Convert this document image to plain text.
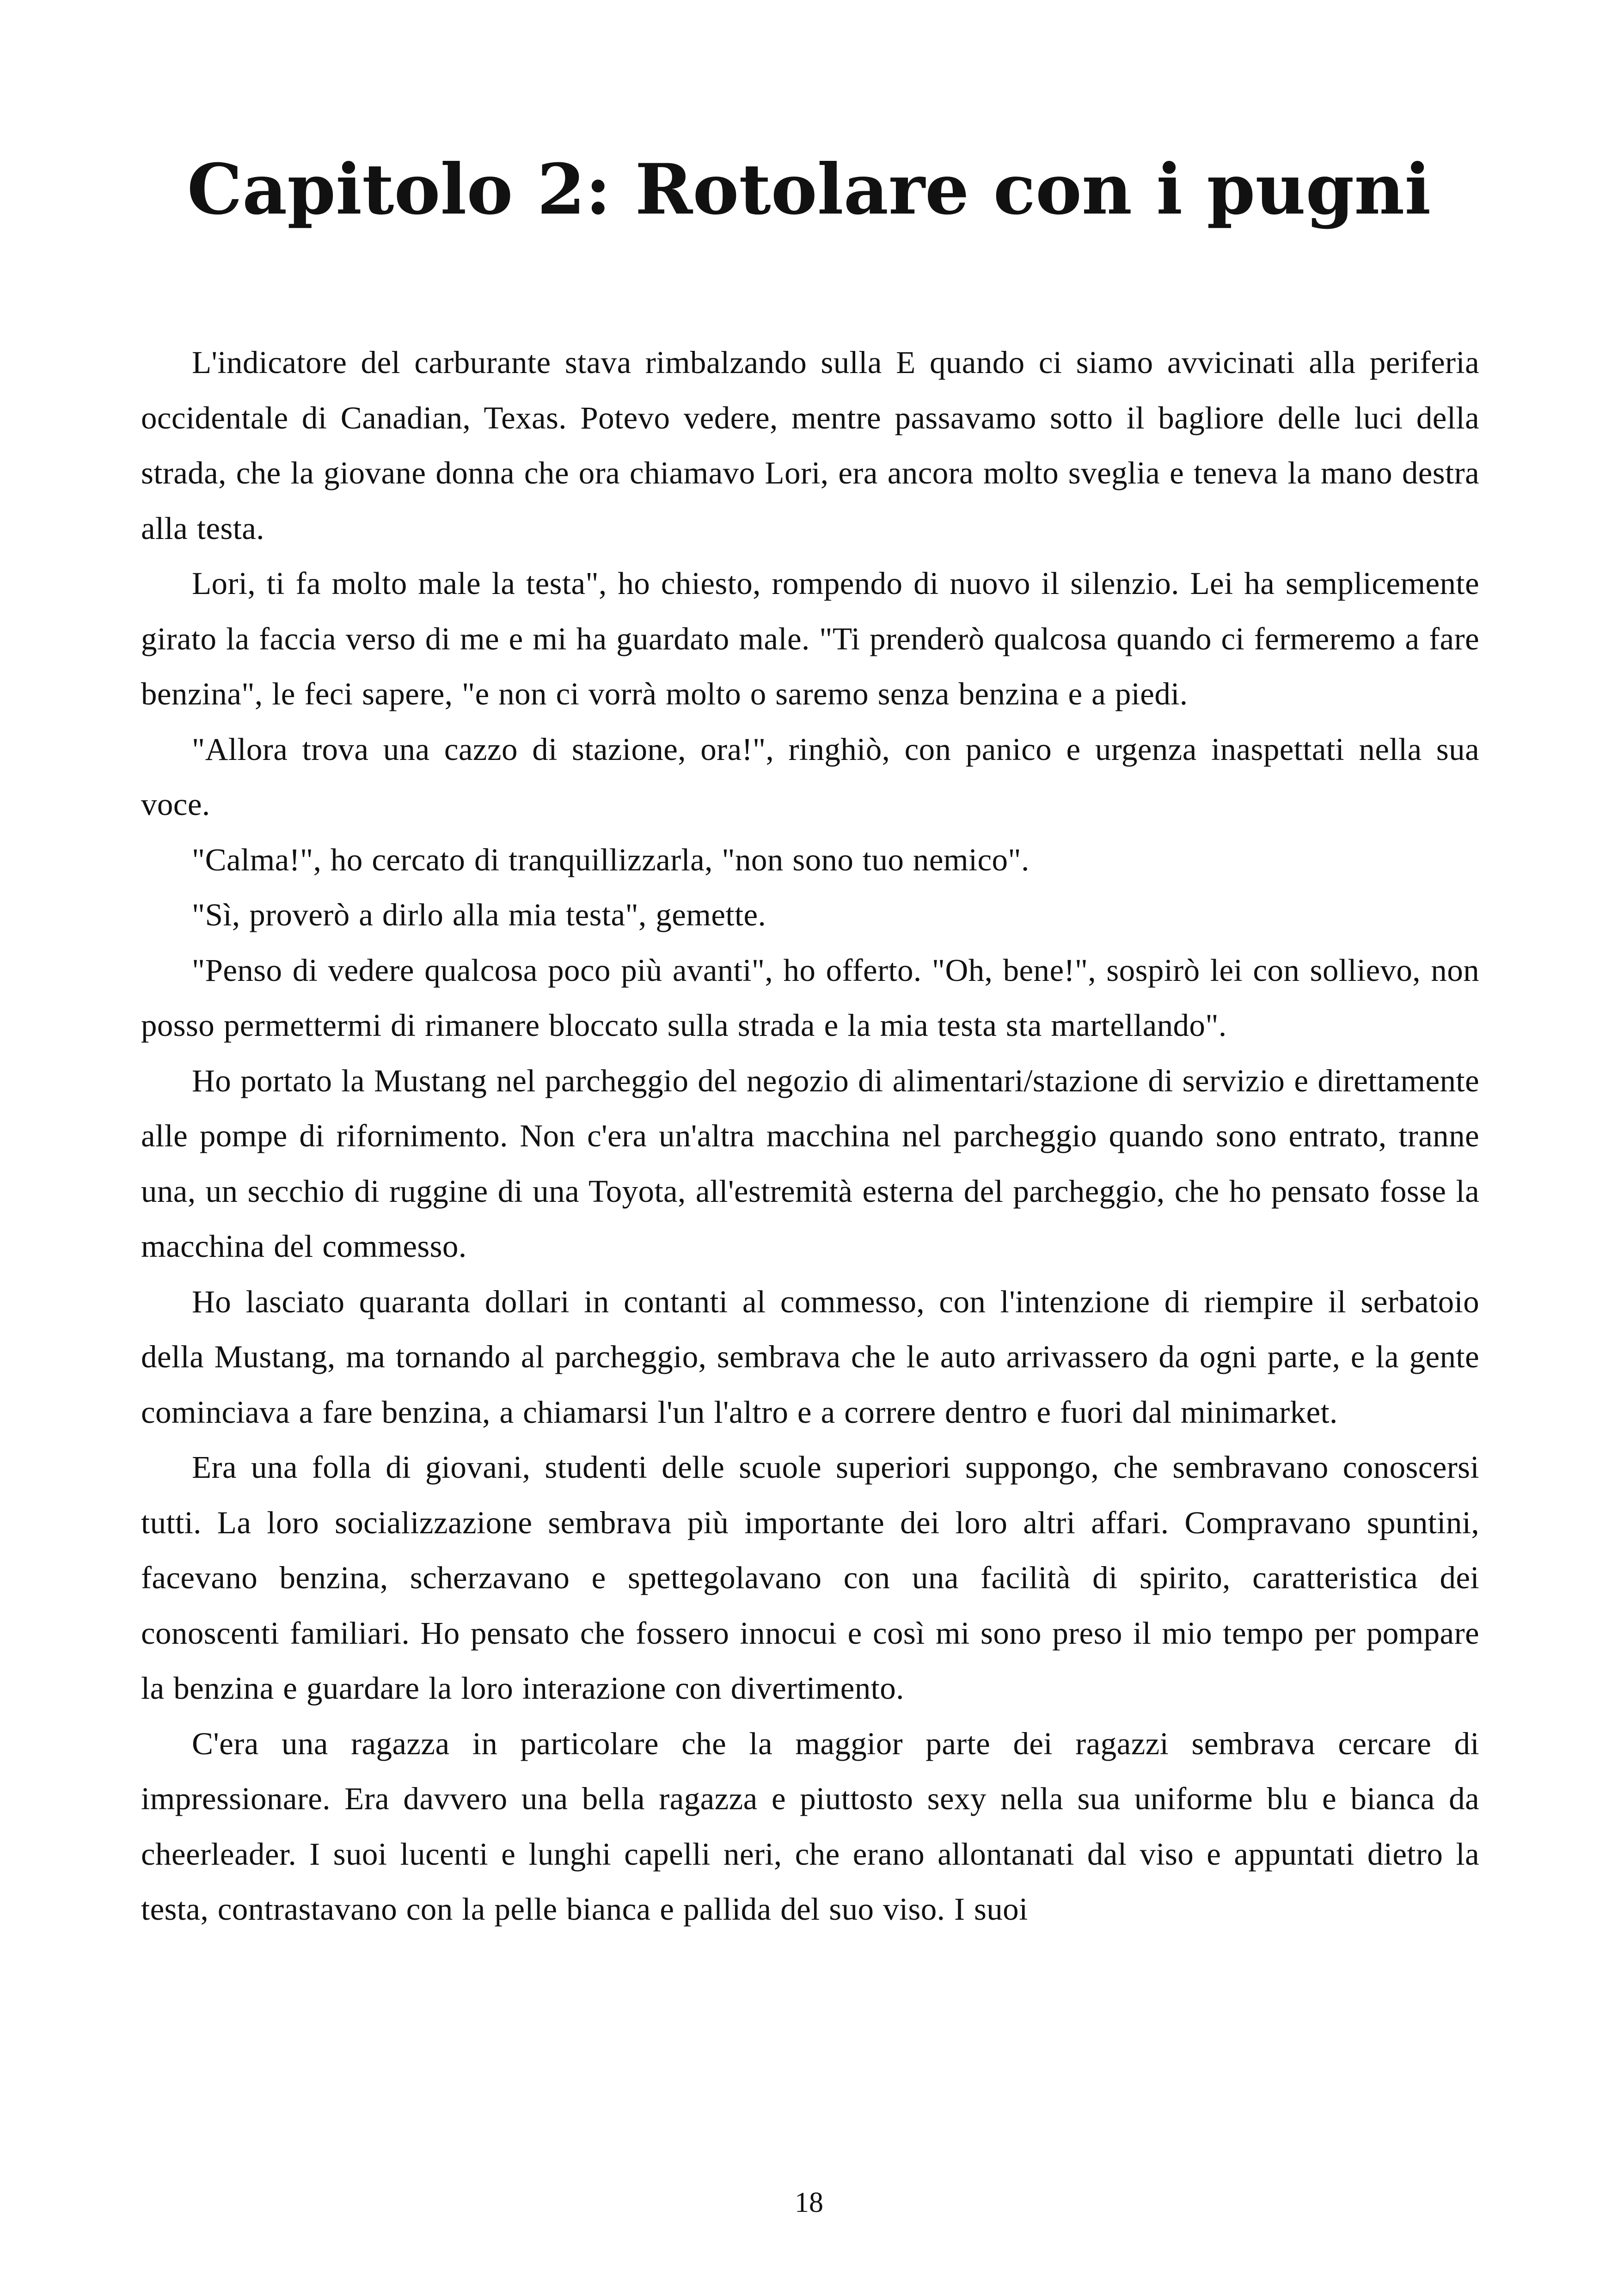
Capitolo 2: Rotolare con i pugni

L'indicatore del carburante stava rimbalzando sulla E quando ci siamo avvicinati alla periferia occidentale di Canadian, Texas. Potevo vedere, mentre passavamo sotto il bagliore delle luci della strada, che la giovane donna che ora chiamavo Lori, era ancora molto sveglia e teneva la mano destra alla testa.

Lori, ti fa molto male la testa", ho chiesto, rompendo di nuovo il silenzio. Lei ha semplicemente girato la faccia verso di me e mi ha guardato male. "Ti prenderò qualcosa quando ci fermeremo a fare benzina", le feci sapere, "e non ci vorrà molto o saremo senza benzina e a piedi.

"Allora trova una cazzo di stazione, ora!", ringhiò, con panico e urgenza inaspettati nella sua voce.

"Calma!", ho cercato di tranquillizzarla, "non sono tuo nemico".

"Sì, proverò a dirlo alla mia testa", gemette.

"Penso di vedere qualcosa poco più avanti", ho offerto. "Oh, bene!", sospirò lei con sollievo, non posso permettermi di rimanere bloccato sulla strada e la mia testa sta martellando".

Ho portato la Mustang nel parcheggio del negozio di alimentari/stazione di servizio e direttamente alle pompe di rifornimento. Non c'era un'altra macchina nel parcheggio quando sono entrato, tranne una, un secchio di ruggine di una Toyota, all'estremità esterna del parcheggio, che ho pensato fosse la macchina del commesso.

Ho lasciato quaranta dollari in contanti al commesso, con l'intenzione di riempire il serbatoio della Mustang, ma tornando al parcheggio, sembrava che le auto arrivassero da ogni parte, e la gente cominciava a fare benzina, a chiamarsi l'un l'altro e a correre dentro e fuori dal minimarket.

Era una folla di giovani, studenti delle scuole superiori suppongo, che sembravano conoscersi tutti. La loro socializzazione sembrava più importante dei loro altri affari. Compravano spuntini, facevano benzina, scherzavano e spettegolavano con una facilità di spirito, caratteristica dei conoscenti familiari. Ho pensato che fossero innocui e così mi sono preso il mio tempo per pompare la benzina e guardare la loro interazione con divertimento.

C'era una ragazza in particolare che la maggior parte dei ragazzi sembrava cercare di impressionare. Era davvero una bella ragazza e piuttosto sexy nella sua uniforme blu e bianca da cheerleader. I suoi lucenti e lunghi capelli neri, che erano allontanati dal viso e appuntati dietro la testa, contrastavano con la pelle bianca e pallida del suo viso. I suoi

18
